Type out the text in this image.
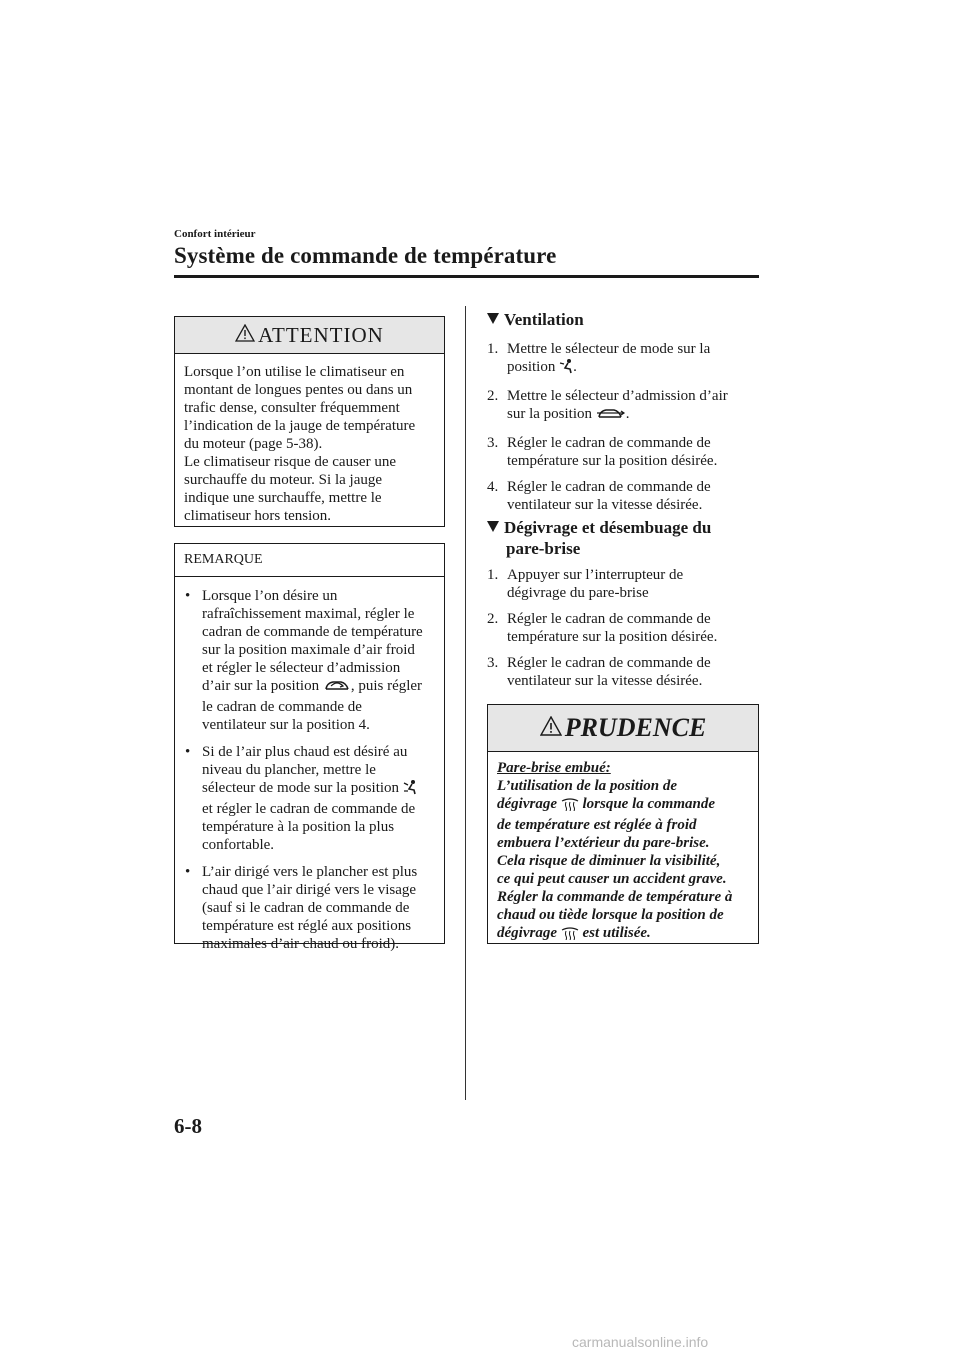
Confort intérieur
Système de commande de température
ATTENTION
Lorsque l’on utilise le climatiseur en
montant de longues pentes ou dans un
trafic dense, consulter fréquemment
l’indication de la jauge de température
du moteur (page 5-38).
Le climatiseur risque de causer une
surchauffe du moteur. Si la jauge
indique une surchauffe, mettre le
climatiseur hors tension.
REMARQUE
• Lorsque l’on désire un
rafraîchissement maximal, régler le
cadran de commande de température
sur la position maximale d’air froid
et régler le sélecteur d’admission
d’air sur la position , puis régler
le cadran de commande de
ventilateur sur la position 4.
• Si de l’air plus chaud est désiré au
niveau du plancher, mettre le
sélecteur de mode sur la position
et régler le cadran de commande de
température à la position la plus
confortable.
• L’air dirigé vers le plancher est plus
chaud que l’air dirigé vers le visage
(sauf si le cadran de commande de
température est réglé aux positions
maximales d’air chaud ou froid).
Ventilation
1. Mettre le sélecteur de mode sur la
position .
2. Mettre le sélecteur d’admission d’air
sur la position .
3. Régler le cadran de commande de
température sur la position désirée.
4. Régler le cadran de commande de
ventilateur sur la vitesse désirée.
Dégivrage et désembuage du
pare-brise
1. Appuyer sur l’interrupteur de
dégivrage du pare-brise
2. Régler le cadran de commande de
température sur la position désirée.
3. Régler le cadran de commande de
ventilateur sur la vitesse désirée.
PRUDENCE
Pare-brise embué:
L’utilisation de la position de
dégivrage lorsque la commande
de température est réglée à froid
embuera l’extérieur du pare-brise.
Cela risque de diminuer la visibilité,
ce qui peut causer un accident grave.
Régler la commande de température à
chaud ou tiède lorsque la position de
dégivrage est utilisée.
6-8
carmanualsonline.info
